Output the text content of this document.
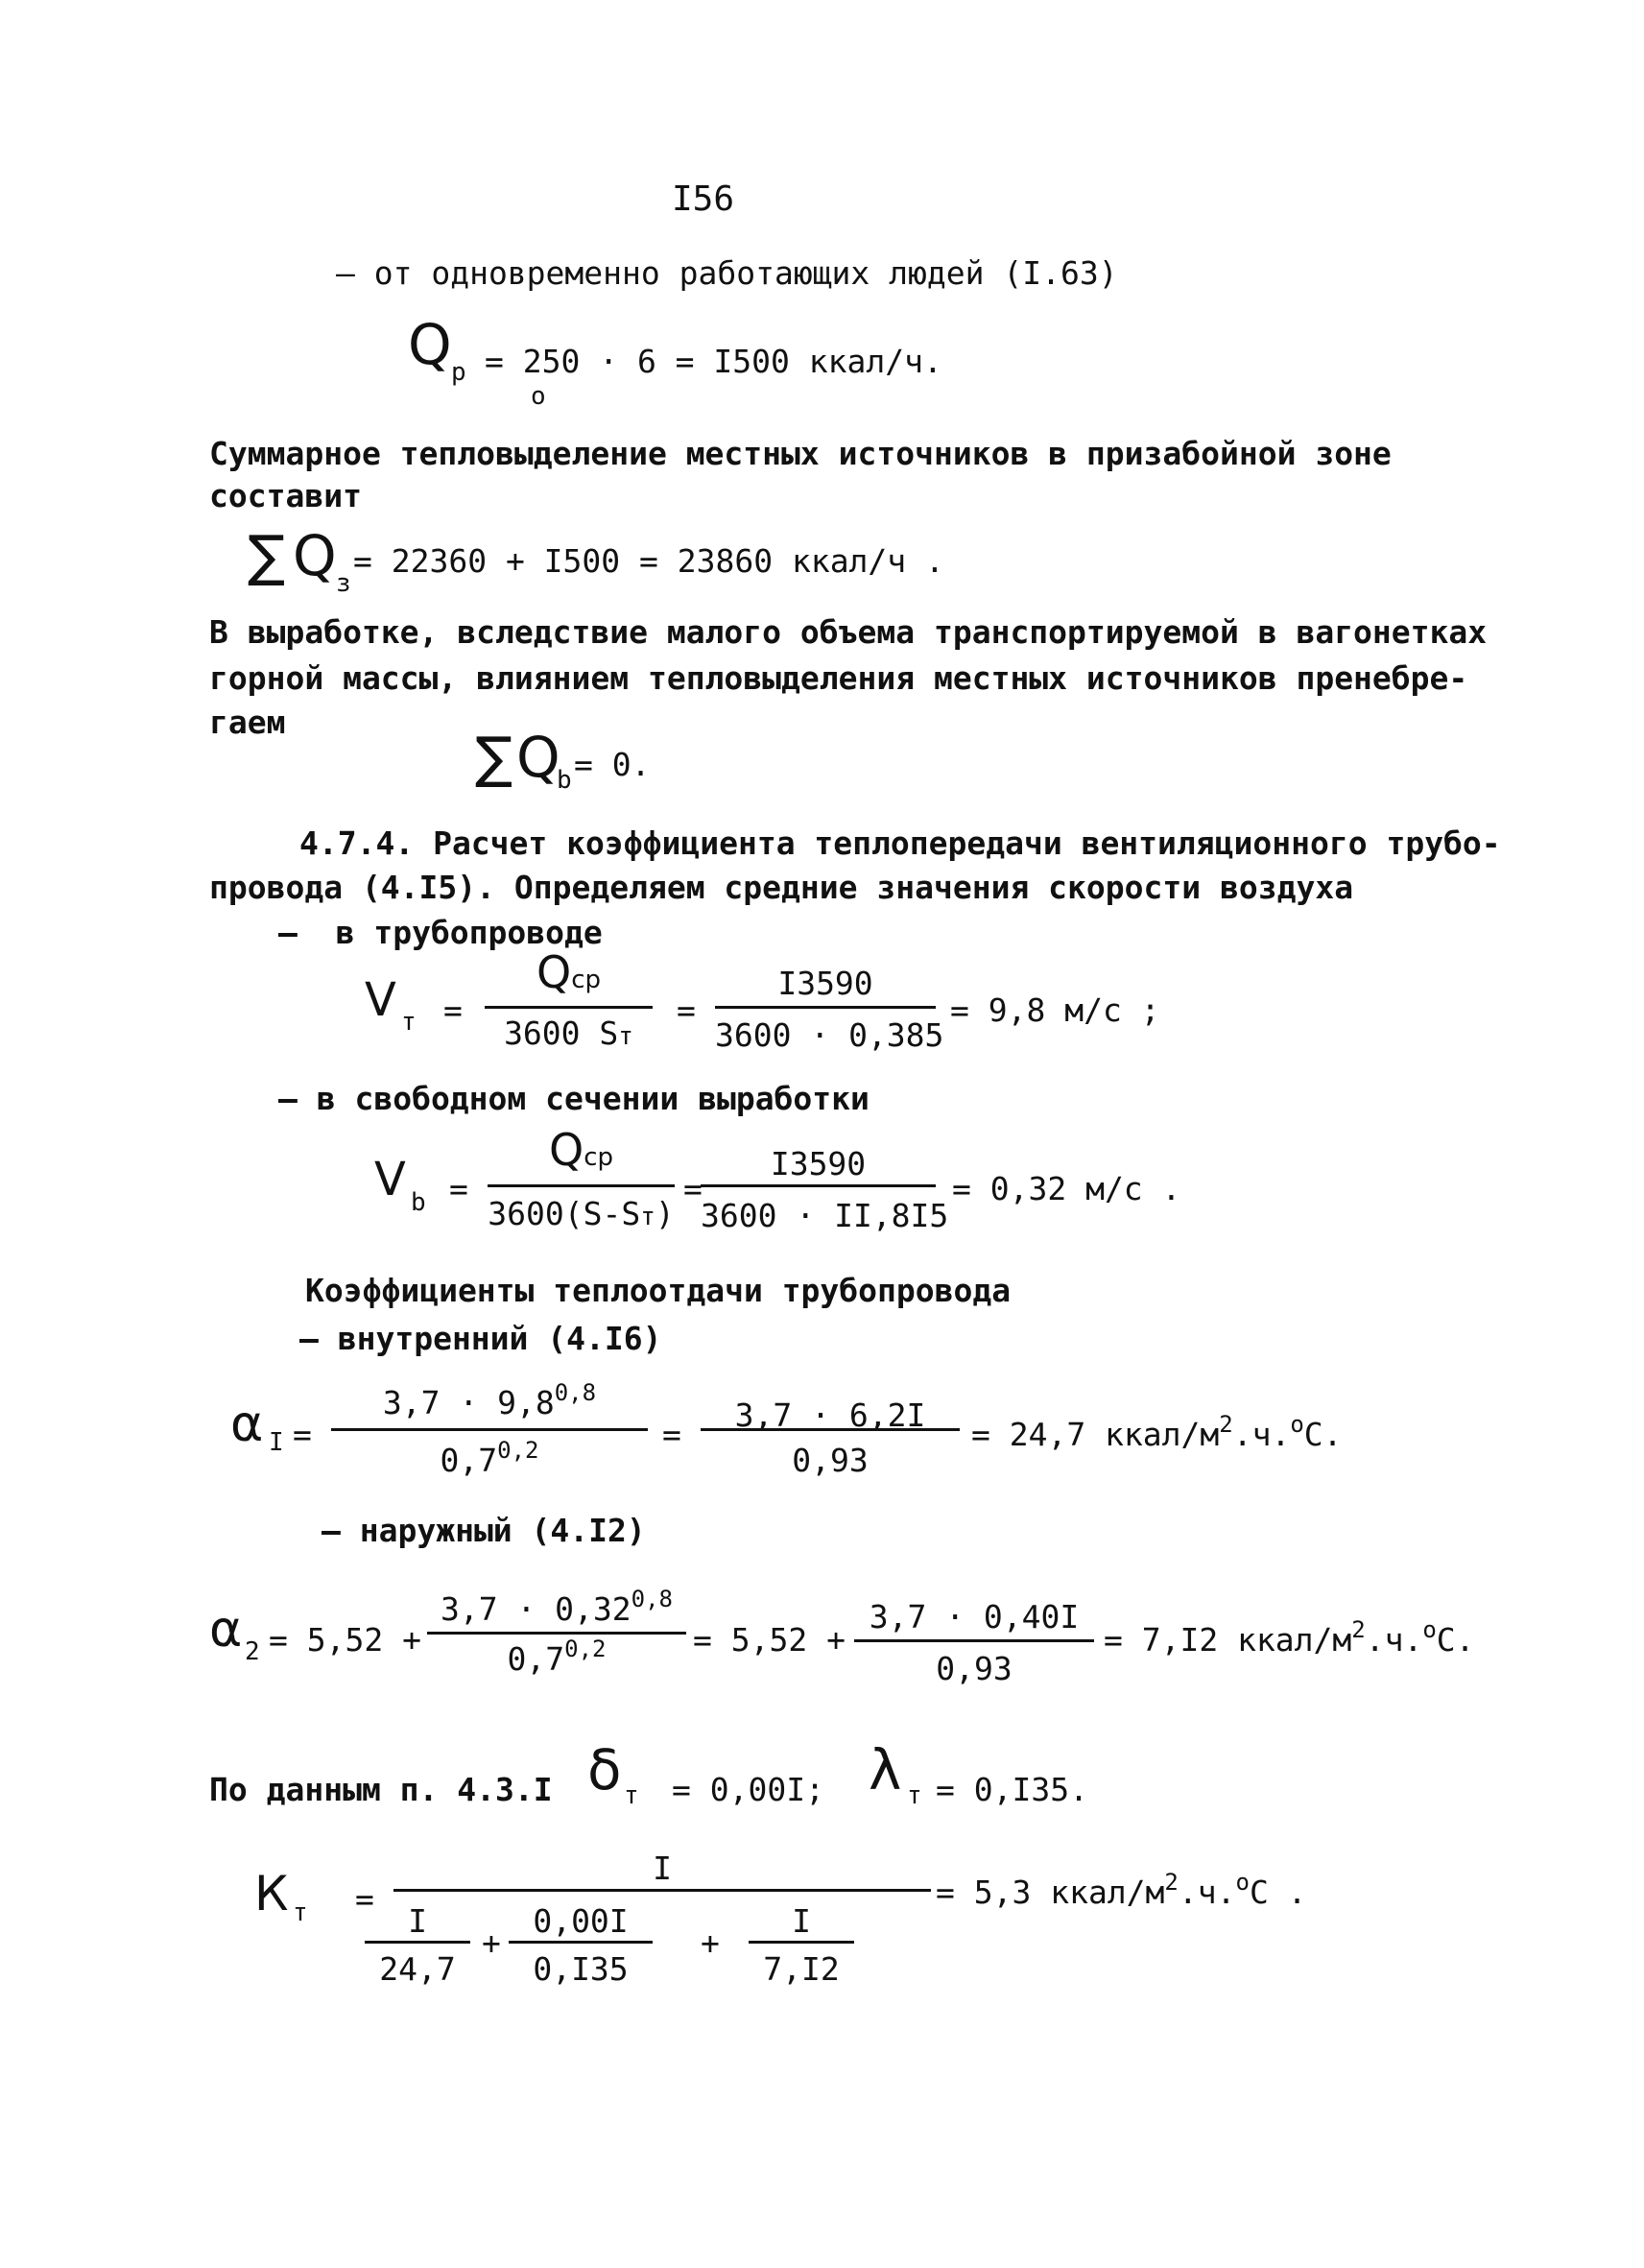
I56
– от одновременно работающих людей (I.63)
Q p = 250 · 6 = I500 ккал/ч.
o
Суммарное тепловыделение местных источников в призабойной зоне
составит
∑ Q з
= 22360 + I500 = 23860 ккал/ч .
В выработке, вследствие малого объема транспортируемой в вагонетках
горной массы, влиянием тепловыделения местных источников пренебре-
гаем
∑ Q
b = 0.
4.7.4. Расчет коэффициента теплопередачи вентиляционного трубо-
провода (4.I5). Определяем средние значения скорости воздуха
–  в трубопроводе
V т =
Qср
3600 Sт
=
I3590
3600 · 0,385
= 9,8 м/с ;
– в свободном сечении выработки
V b =
Qср
3600(S-Sт)
=
I3590
3600 · II,8I5
= 0,32 м/с .
Коэффициенты теплоотдачи трубопровода
– внутренний (4.I6)
α I =
$3,7 \cdot 9,8^{0,8}$
$0,7^{0,2}$	=
3,7 · 6,2I
0,93
= 24,7 ккал/$м^2.ч.^оС$.
– наружный (4.I2)
α 2 = 5,52 +
$3,7 \cdot 0,32^{0,8}$
$0,7^{0,2}$	= 5,52 +
3,7 · 0,40I
0,93
= 7,I2 ккал/$м^2.ч.^оС$.
По данным п. 4.3.I δ т = 0,00I; λ т = 0,I35.
К т =
I
I
24,7
+
0,00I
0,I35
+
I
7,I2
= 5,3 ккал/$м^2.ч.^оС$ .
